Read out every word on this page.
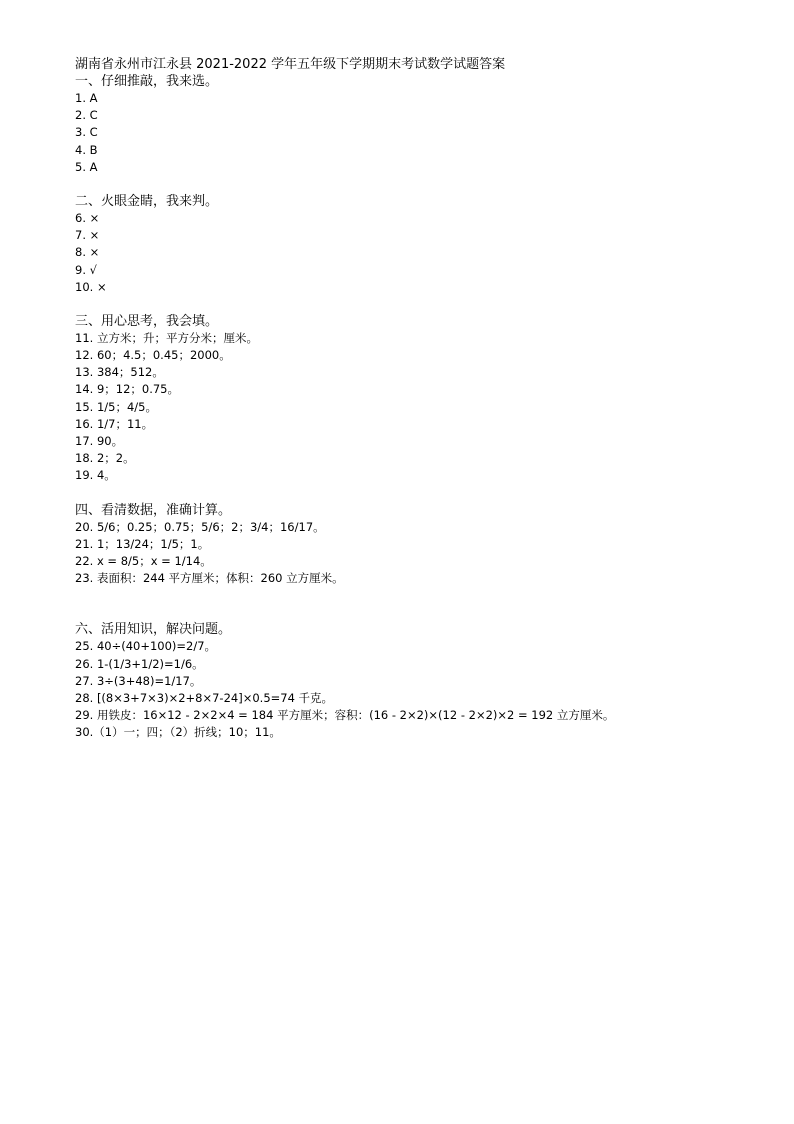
湖南省永州市江永县 2021-2022 学年五年级下学期期末考试数学试题答案
一、仔细推敲，我来选。
1. A
2. C
3. C
4. B
5. A
二、火眼金睛，我来判。
6. ×
7. ×
8. ×
9. √
10. ×
三、用心思考，我会填。
11. 立方米；升；平方分米；厘米。
12. 60；4.5；0.45；2000。
13. 384；512。
14. 9；12；0.75。
15. 1/5；4/5。
16. 1/7；11。
17. 90。
18. 2；2。
19. 4。
四、看清数据，准确计算。
20. 5/6；0.25；0.75；5/6；2；3/4；16/17。
21. 1；13/24；1/5；1。
22. x = 8/5；x = 1/14。
23. 表面积：244 平方厘米；体积：260 立方厘米。
六、活用知识，解决问题。
25. 40÷(40+100)=2/7。
26. 1-(1/3+1/2)=1/6。
27. 3÷(3+48)=1/17。
28. [(8×3+7×3)×2+8×7-24]×0.5=74 千克。
29. 用铁皮：16×12 - 2×2×4 = 184 平方厘米；容积：(16 - 2×2)×(12 - 2×2)×2 = 192 立方厘米。
30.（1）一；四；（2）折线；10；11。
